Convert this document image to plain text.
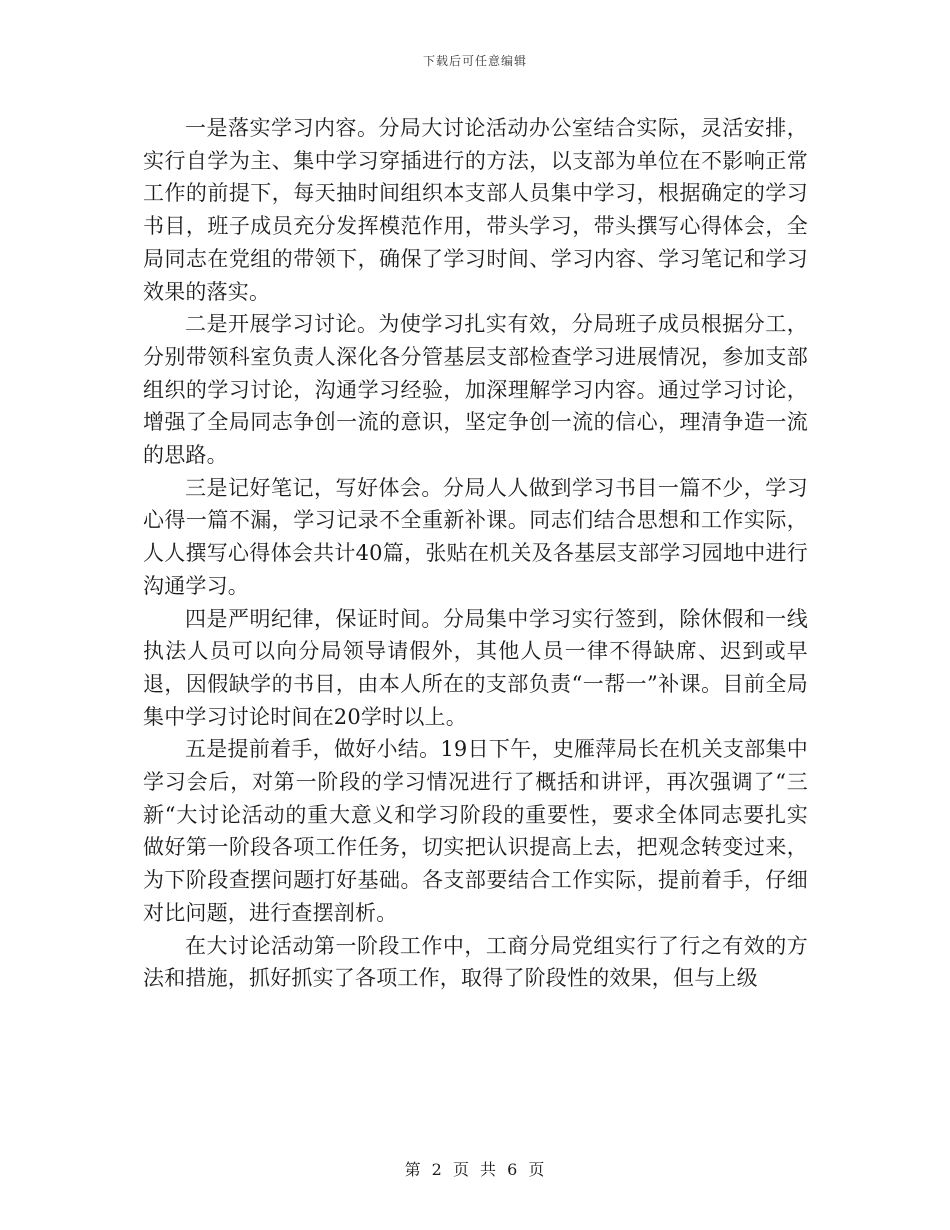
下载后可任意编辑

一是落实学习内容。分局大讨论活动办公室结合实际，灵活安排，实行自学为主、集中学习穿插进行的方法，以支部为单位在不影响正常工作的前提下，每天抽时间组织本支部人员集中学习，根据确定的学习书目，班子成员充分发挥模范作用，带头学习，带头撰写心得体会，全局同志在党组的带领下，确保了学习时间、学习内容、学习笔记和学习效果的落实。

二是开展学习讨论。为使学习扎实有效，分局班子成员根据分工，分别带领科室负责人深化各分管基层支部检查学习进展情况，参加支部组织的学习讨论，沟通学习经验，加深理解学习内容。通过学习讨论，增强了全局同志争创一流的意识，坚定争创一流的信心，理清争造一流的思路。

三是记好笔记，写好体会。分局人人做到学习书目一篇不少，学习心得一篇不漏，学习记录不全重新补课。同志们结合思想和工作实际，人人撰写心得体会共计40篇，张贴在机关及各基层支部学习园地中进行沟通学习。

四是严明纪律，保证时间。分局集中学习实行签到，除休假和一线执法人员可以向分局领导请假外，其他人员一律不得缺席、迟到或早退，因假缺学的书目，由本人所在的支部负责“一帮一”补课。目前全局集中学习讨论时间在20学时以上。

五是提前着手，做好小结。19日下午，史雁萍局长在机关支部集中学习会后，对第一阶段的学习情况进行了概括和讲评，再次强调了“三新“大讨论活动的重大意义和学习阶段的重要性，要求全体同志要扎实做好第一阶段各项工作任务，切实把认识提高上去，把观念转变过来，为下阶段查摆问题打好基础。各支部要结合工作实际，提前着手，仔细对比问题，进行查摆剖析。

在大讨论活动第一阶段工作中，工商分局党组实行了行之有效的方法和措施，抓好抓实了各项工作，取得了阶段性的效果，但与上级

第 2 页 共 6 页
